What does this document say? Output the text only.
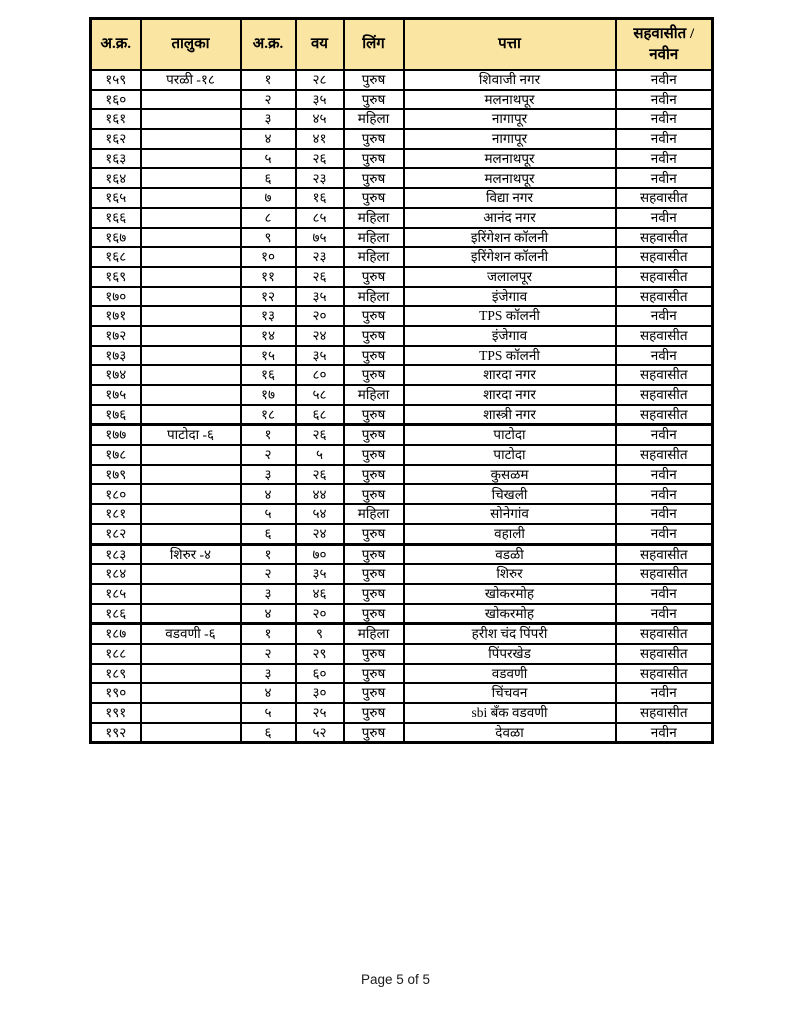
अ.क्र.	तालुका	अ.क्र.	वय	लिंग	पत्ता	सहवासीत / नवीन
१५९	परळी -१८	१	२८	पुरुष	शिवाजी नगर	नवीन
१६०		२	३५	पुरुष	मलनाथपूर	नवीन
१६१		३	४५	महिला	नागापूर	नवीन
१६२		४	४१	पुरुष	नागापूर	नवीन
१६३		५	२६	पुरुष	मलनाथपूर	नवीन
१६४		६	२३	पुरुष	मलनाथपूर	नवीन
१६५		७	१६	पुरुष	विद्या नगर	सहवासीत
१६६		८	८५	महिला	आनंद नगर	नवीन
१६७		९	७५	महिला	इरिंगेशन कॉलनी	सहवासीत
१६८		१०	२३	महिला	इरिंगेशन कॉलनी	सहवासीत
१६९		११	२६	पुरुष	जलालपूर	सहवासीत
१७०		१२	३५	महिला	इंजेगाव	सहवासीत
१७१		१३	२०	पुरुष	TPS कॉलनी	नवीन
१७२		१४	२४	पुरुष	इंजेगाव	सहवासीत
१७३		१५	३५	पुरुष	TPS कॉलनी	नवीन
१७४		१६	८०	पुरुष	शारदा नगर	सहवासीत
१७५		१७	५८	महिला	शारदा नगर	सहवासीत
१७६		१८	६८	पुरुष	शास्त्री नगर	सहवासीत
१७७	पाटोदा -६	१	२६	पुरुष	पाटोदा	नवीन
१७८		२	५	पुरुष	पाटोदा	सहवासीत
१७९		३	२६	पुरुष	कुसळम	नवीन
१८०		४	४४	पुरुष	चिखली	नवीन
१८१		५	५४	महिला	सोनेगांव	नवीन
१८२		६	२४	पुरुष	वहाली	नवीन
१८३	शिरुर -४	१	७०	पुरुष	वडळी	सहवासीत
१८४		२	३५	पुरुष	शिरुर	सहवासीत
१८५		३	४६	पुरुष	खोकरमोह	नवीन
१८६		४	२०	पुरुष	खोकरमोह	नवीन
१८७	वडवणी -६	१	९	महिला	हरीश चंद पिंपरी	सहवासीत
१८८		२	२९	पुरुष	पिंपरखेड	सहवासीत
१८९		३	६०	पुरुष	वडवणी	सहवासीत
१९०		४	३०	पुरुष	चिंचवन	नवीन
१९१		५	२५	पुरुष	sbi बँक वडवणी	सहवासीत
१९२		६	५२	पुरुष	देवळा	नवीन
Page 5 of 5
